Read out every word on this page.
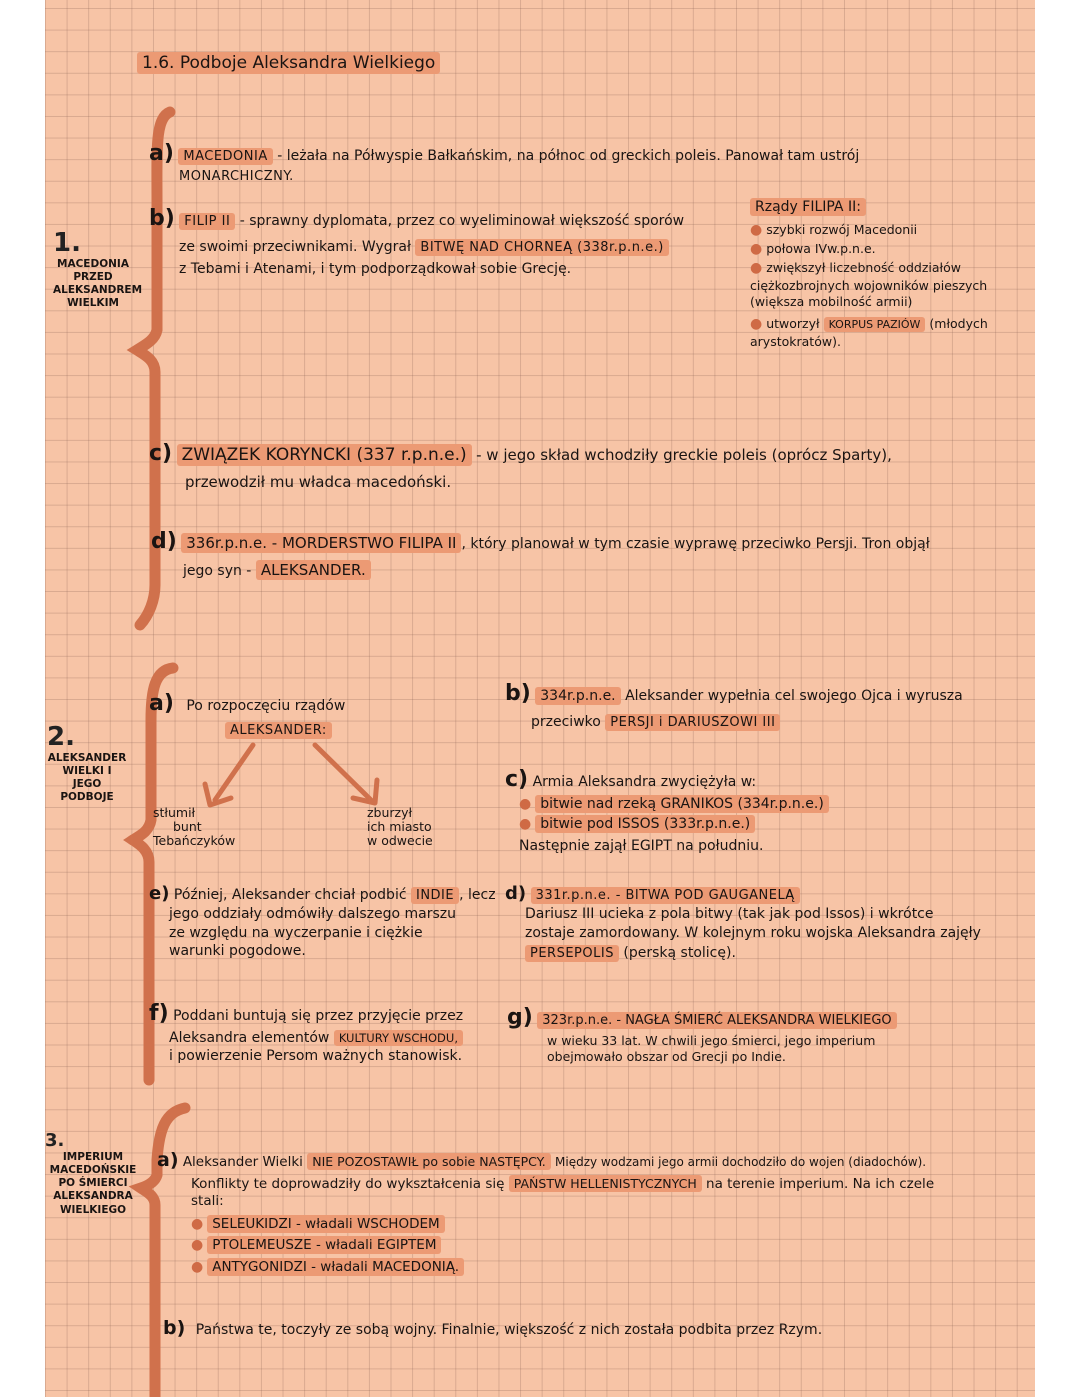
1.6. Podboje Aleksandra Wielkiego
1.
MACEDONIA
PRZED
ALEKSANDREM
WIELKIM
2.
ALEKSANDER
WIELKI I
JEGO
PODBOJE
3.
IMPERIUM
MACEDOŃSKIE
PO ŚMIERCI
ALEKSANDRA
WIELKIEGO
a) MACEDONIA - leżała na Półwyspie Bałkańskim, na północ od greckich poleis. Panował tam ustrój
MONARCHICZNY.
b) FILIP II - sprawny dyplomata, przez co wyeliminował większość sporów
ze swoimi przeciwnikami. Wygrał BITWĘ NAD CHORNEĄ (338r.p.n.e.)
z Tebami i Atenami, i tym podporządkował sobie Grecję.
Rządy FILIPA II:
● szybki rozwój Macedonii
● połowa IVw.p.n.e.
● zwiększył liczebność oddziałów ciężkozbrojnych wojowników pieszych (większa mobilność armii)
● utworzył KORPUS PAZIÓW (młodych arystokratów).
c) ZWIĄZEK KORYNCKI (337 r.p.n.e.) - w jego skład wchodziły greckie poleis (oprócz Sparty),
przewodził mu władca macedoński.
d) 336r.p.n.e. - MORDERSTWO FILIPA II , który planował w tym czasie wyprawę przeciwko Persji. Tron objął
jego syn - ALEKSANDER.
a) Po rozpoczęciu rządów
ALEKSANDER:
stłumił
bunt
Tebańczyków
zburzył
ich miasto
w odwecie
b) 334r.p.n.e. Aleksander wypełnia cel swojego Ojca i wyrusza
przeciwko PERSJI i DARIUSZOWI III
c) Armia Aleksandra zwyciężyła w:
● bitwie nad rzeką GRANIKOS (334r.p.n.e.)
● bitwie pod ISSOS (333r.p.n.e.)
Następnie zajął EGIPT na południu.
e) Później, Aleksander chciał podbić INDIE , lecz
jego oddziały odmówiły dalszego marszu
ze względu na wyczerpanie i ciężkie
warunki pogodowe.
d) 331r.p.n.e. - BITWA POD GAUGANELĄ
Dariusz III ucieka z pola bitwy (tak jak pod Issos) i wkrótce
zostaje zamordowany. W kolejnym roku wojska Aleksandra zajęły
PERSEPOLIS (perską stolicę).
f) Poddani buntują się przez przyjęcie przez
Aleksandra elementów KULTURY WSCHODU,
i powierzenie Persom ważnych stanowisk.
g) 323r.p.n.e. - NAGŁA ŚMIERĆ ALEKSANDRA WIELKIEGO
w wieku 33 lat. W chwili jego śmierci, jego imperium
obejmowało obszar od Grecji po Indie.
a) Aleksander Wielki NIE POZOSTAWIŁ po sobie NASTĘPCY. Między wodzami jego armii dochodziło do wojen (diadochów).
Konflikty te doprowadziły do wykształcenia się PAŃSTW HELLENISTYCZNYCH na terenie imperium. Na ich czele
stali:
● SELEUKIDZI - władali WSCHODEM
● PTOLEMEUSZE - władali EGIPTEM
● ANTYGONIDZI - władali MACEDONIĄ.
b) Państwa te, toczyły ze sobą wojny. Finalnie, większość z nich została podbita przez Rzym.
